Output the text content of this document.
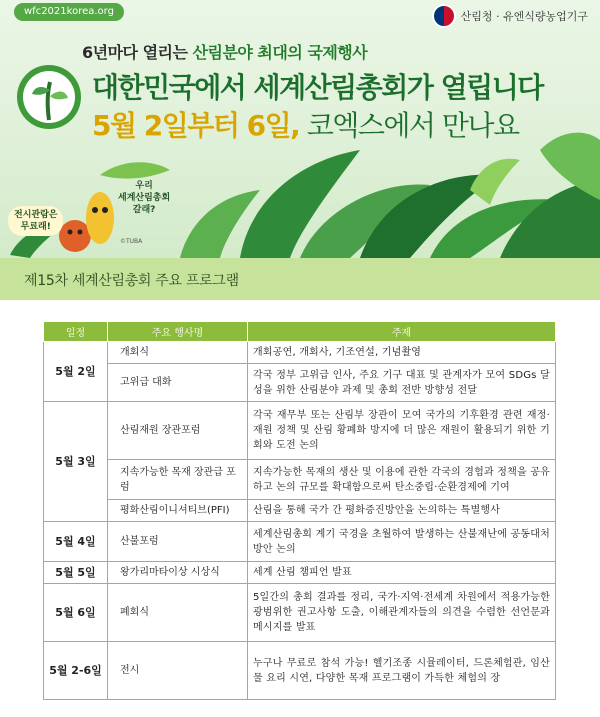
wfc2021korea.org	산림청 · 유엔식량농업기구
6년마다 열리는 산림분야 최대의 국제행사
대한민국에서 세계산림총회가 열립니다
5월 2일부터 6일, 코엑스에서 만나요
전시관람은
무료래!
우리
세계산림총회
갈래?
©TUBA
제15차 세계산림총회 주요 프로그램
일정	주요 행사명	주제
5월 2일	개회식	개회공연, 개회사, 기조연설, 기념촬영
	고위급 대화	각국 정부 고위급 인사, 주요 기구 대표 및 관계자가 모여 SDGs 달성을 위한 산림분야 과제 및 총회 전반 방향성 전달
5월 3일	산림재원 장관포럼	각국 재무부 또는 산림부 장관이 모여 국가의 기후환경 관련 재정·재원 정책 및 산림 황폐화 방지에 더 많은 재원이 활용되기 위한 기회와 도전 논의
	지속가능한 목재 장관급 포럼	지속가능한 목재의 생산 및 이용에 관한 각국의 경험과 정책을 공유하고 논의 규모를 확대함으로써 탄소중립·순환경제에 기여
	평화산림이니셔티브(PFI)	산림을 통해 국가 간 평화증진방안을 논의하는 특별행사
5월 4일	산불포럼	세계산림총회 계기 국경을 초월하여 발생하는 산불재난에 공동대처방안 논의
5월 5일	왕가리마타이상 시상식	세계 산림 챔피언 발표
5월 6일	폐회식	5일간의 총회 결과를 정리, 국가·지역·전세계 차원에서 적용가능한 광범위한 권고사항 도출, 이해관계자들의 의견을 수렴한 선언문과 메시지를 발표
5월 2-6일	전시	누구나 무료로 참석 가능! 헬기조종 시뮬레이터, 드론체험관, 임산물 요리 시연, 다양한 목재 프로그램이 가득한 체험의 장
